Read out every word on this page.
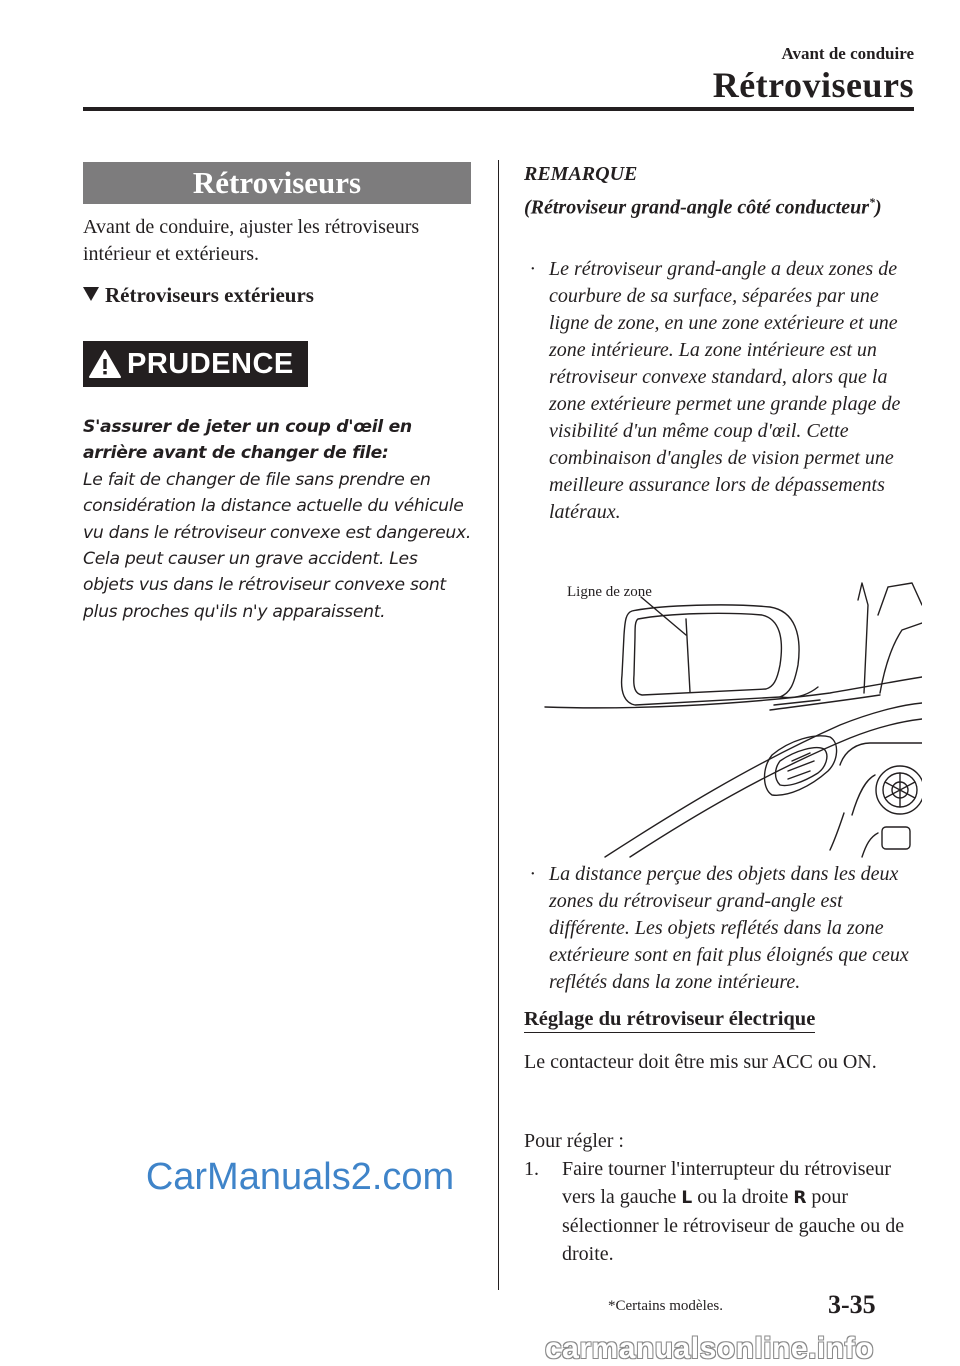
Avant de conduire
Rétroviseurs
Rétroviseurs
Avant de conduire, ajuster les rétroviseurs intérieur et extérieurs.
Rétroviseurs extérieurs
PRUDENCE

S'assurer de jeter un coup d'œil en arrière avant de changer de file:

Le fait de changer de file sans prendre en considération la distance actuelle du véhicule vu dans le rétroviseur convexe est dangereux. Cela peut causer un grave accident. Les objets vus dans le rétroviseur convexe sont plus proches qu'ils n'y apparaissent.

REMARQUE
(Rétroviseur grand-angle côté conducteur*)
· Le rétroviseur grand-angle a deux zones de courbure de sa surface, séparées par une ligne de zone, en une zone extérieure et une zone intérieure. La zone intérieure est un rétroviseur convexe standard, alors que la zone extérieure permet une grande plage de visibilité d'un même coup d'œil. Cette combinaison d'angles de vision permet une meilleure assurance lors de dépassements latéraux.
Ligne de zone
· La distance perçue des objets dans les deux zones du rétroviseur grand-angle est différente. Les objets reflétés dans la zone extérieure sont en fait plus éloignés que ceux reflétés dans la zone intérieure.
Réglage du rétroviseur électrique
Le contacteur doit être mis sur ACC ou ON.
Pour régler :
1. Faire tourner l'interrupteur du rétroviseur vers la gauche L ou la droite R pour sélectionner le rétroviseur de gauche ou de droite.
CarManuals2.com
*Certains modèles.	3-35
carmanualsonline.info
